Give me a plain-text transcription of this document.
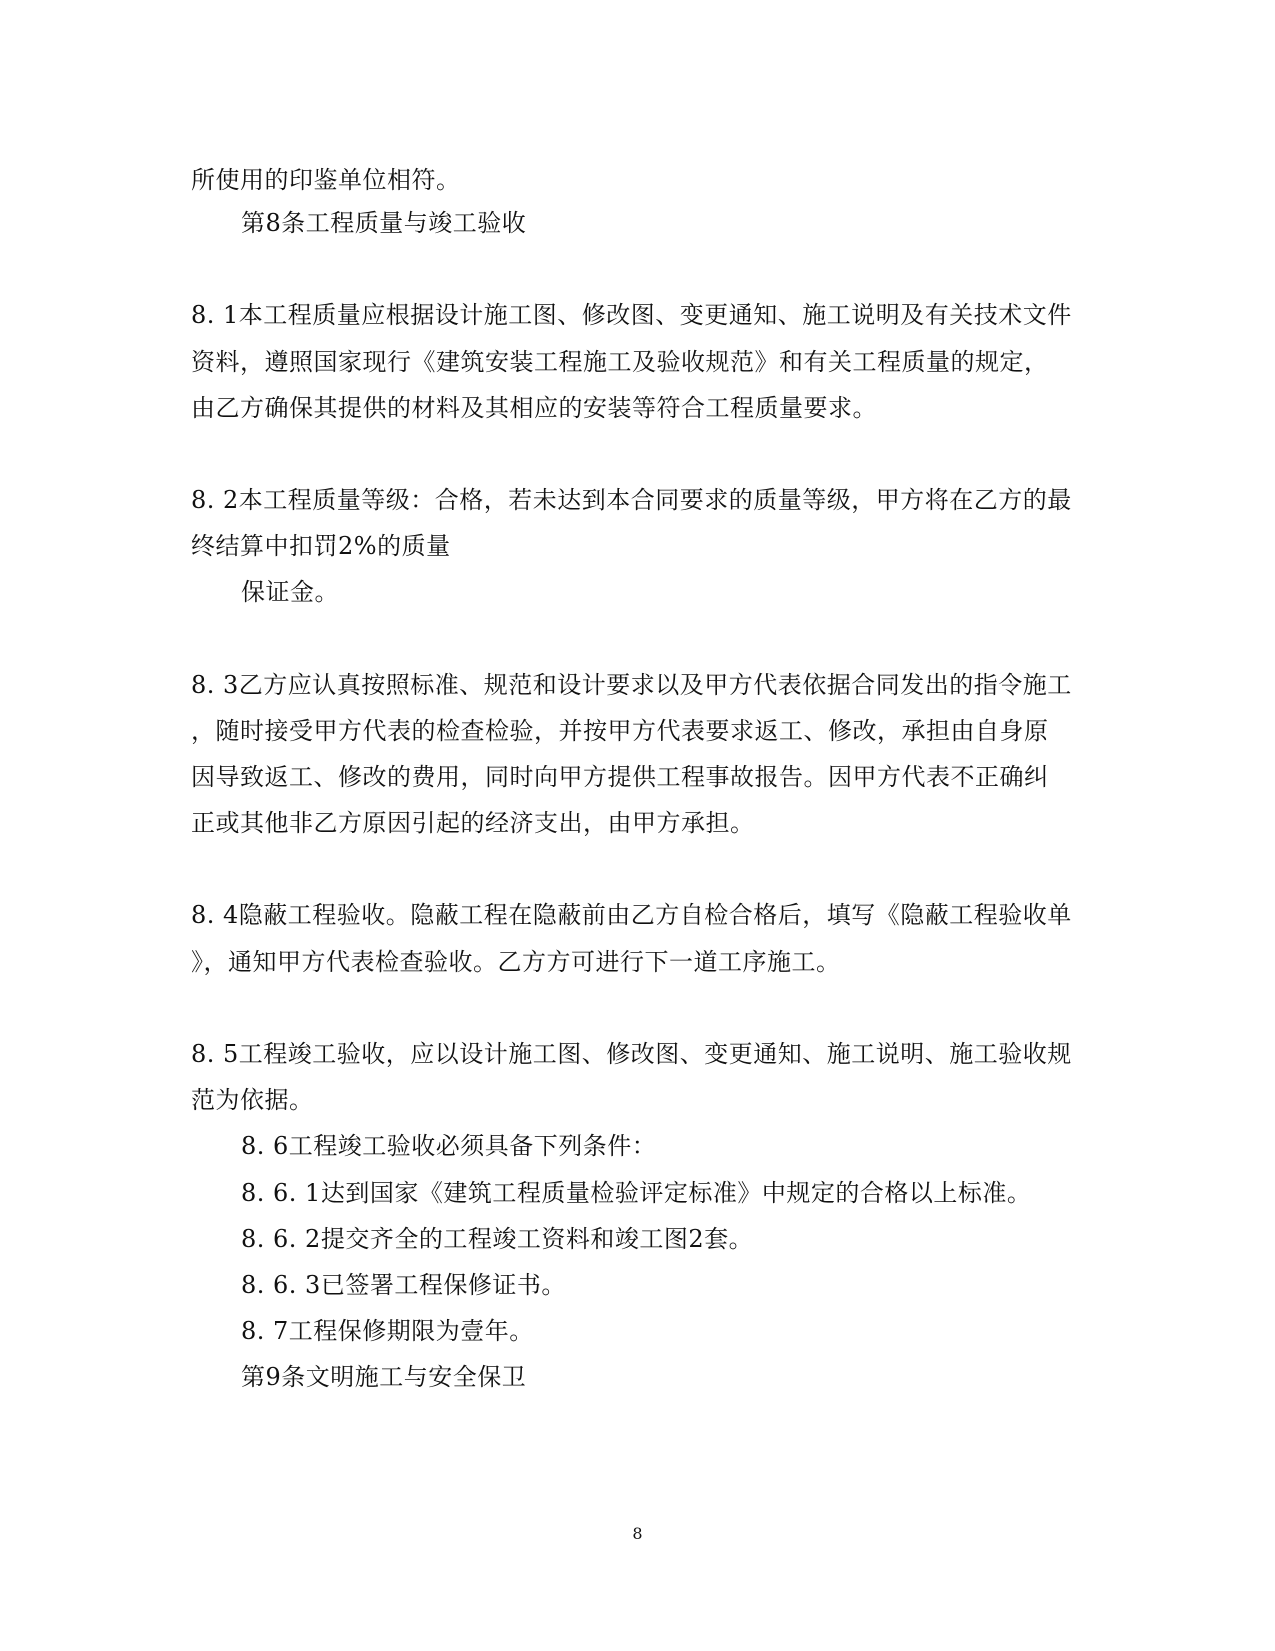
所使用的印鉴单位相符。
第8条工程质量与竣工验收
8. 1本工程质量应根据设计施工图、修改图、变更通知、施工说明及有关技术文件
资料，遵照国家现行《建筑安装工程施工及验收规范》和有关工程质量的规定，
由乙方确保其提供的材料及其相应的安装等符合工程质量要求。
8. 2本工程质量等级：合格，若未达到本合同要求的质量等级，甲方将在乙方的最
终结算中扣罚2%的质量
保证金。
8. 3乙方应认真按照标准、规范和设计要求以及甲方代表依据合同发出的指令施工
，随时接受甲方代表的检查检验，并按甲方代表要求返工、修改，承担由自身原
因导致返工、修改的费用，同时向甲方提供工程事故报告。因甲方代表不正确纠
正或其他非乙方原因引起的经济支出，由甲方承担。
8. 4隐蔽工程验收。隐蔽工程在隐蔽前由乙方自检合格后，填写《隐蔽工程验收单
》，通知甲方代表检查验收。乙方方可进行下一道工序施工。
8. 5工程竣工验收，应以设计施工图、修改图、变更通知、施工说明、施工验收规
范为依据。
8. 6工程竣工验收必须具备下列条件：
8. 6. 1达到国家《建筑工程质量检验评定标准》中规定的合格以上标准。
8. 6. 2提交齐全的工程竣工资料和竣工图2套。
8. 6. 3已签署工程保修证书。
8. 7工程保修期限为壹年。
第9条文明施工与安全保卫
8
